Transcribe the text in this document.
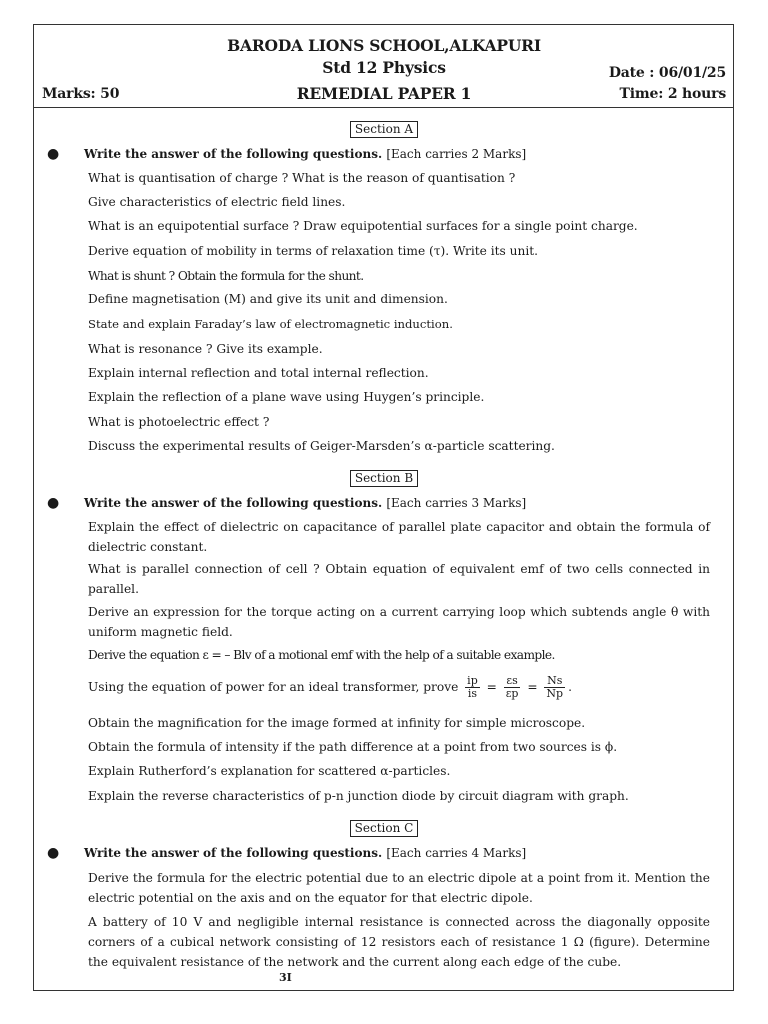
BARODA LIONS SCHOOL,ALKAPURI
Std 12 Physics
REMEDIAL PAPER 1
Marks: 50
Date : 06/01/25
Time: 2 hours
Section A
● Write the answer of the following questions. [Each carries 2 Marks]
What is quantisation of charge ? What is the reason of quantisation ?
Give characteristics of electric field lines.
What is an equipotential surface ? Draw equipotential surfaces for a single point charge.
Derive equation of mobility in terms of relaxation time (τ). Write its unit.
What is shunt ? Obtain the formula for the shunt.
Define magnetisation (M) and give its unit and dimension.
State and explain Faraday’s law of electromagnetic induction.
What is resonance ? Give its example.
Explain internal reflection and total internal reflection.
Explain the reflection of a plane wave using Huygen’s principle.
What is photoelectric effect ?
Discuss the experimental results of Geiger-Marsden’s α-particle scattering.
Section B
● Write the answer of the following questions. [Each carries 3 Marks]
Explain the effect of dielectric on capacitance of parallel plate capacitor and obtain the formula of dielectric constant.
What is parallel connection of cell ? Obtain equation of equivalent emf of two cells connected in parallel.
Derive an expression for the torque acting on a current carrying loop which subtends angle θ with uniform magnetic field.
Derive the equation ε = – Blv of a motional emf with the help of a suitable example.
Using the equation of power for an ideal transformer, prove $\frac{ip}{is} = \frac{\varepsilon s}{\varepsilon p} = \frac{Ns}{Np}$ .
Obtain the magnification for the image formed at infinity for simple microscope.
Obtain the formula of intensity if the path difference at a point from two sources is ϕ.
Explain Rutherford’s explanation for scattered α-particles.
Explain the reverse characteristics of p-n junction diode by circuit diagram with graph.
Section C
● Write the answer of the following questions. [Each carries 4 Marks]
Derive the formula for the electric potential due to an electric dipole at a point from it. Mention the electric potential on the axis and on the equator for that electric dipole.
A battery of 10 V and negligible internal resistance is connected across the diagonally opposite corners of a cubical network consisting of 12 resistors each of resistance 1 Ω (figure). Determine the equivalent resistance of the network and the current along each edge of the cube.
3I
